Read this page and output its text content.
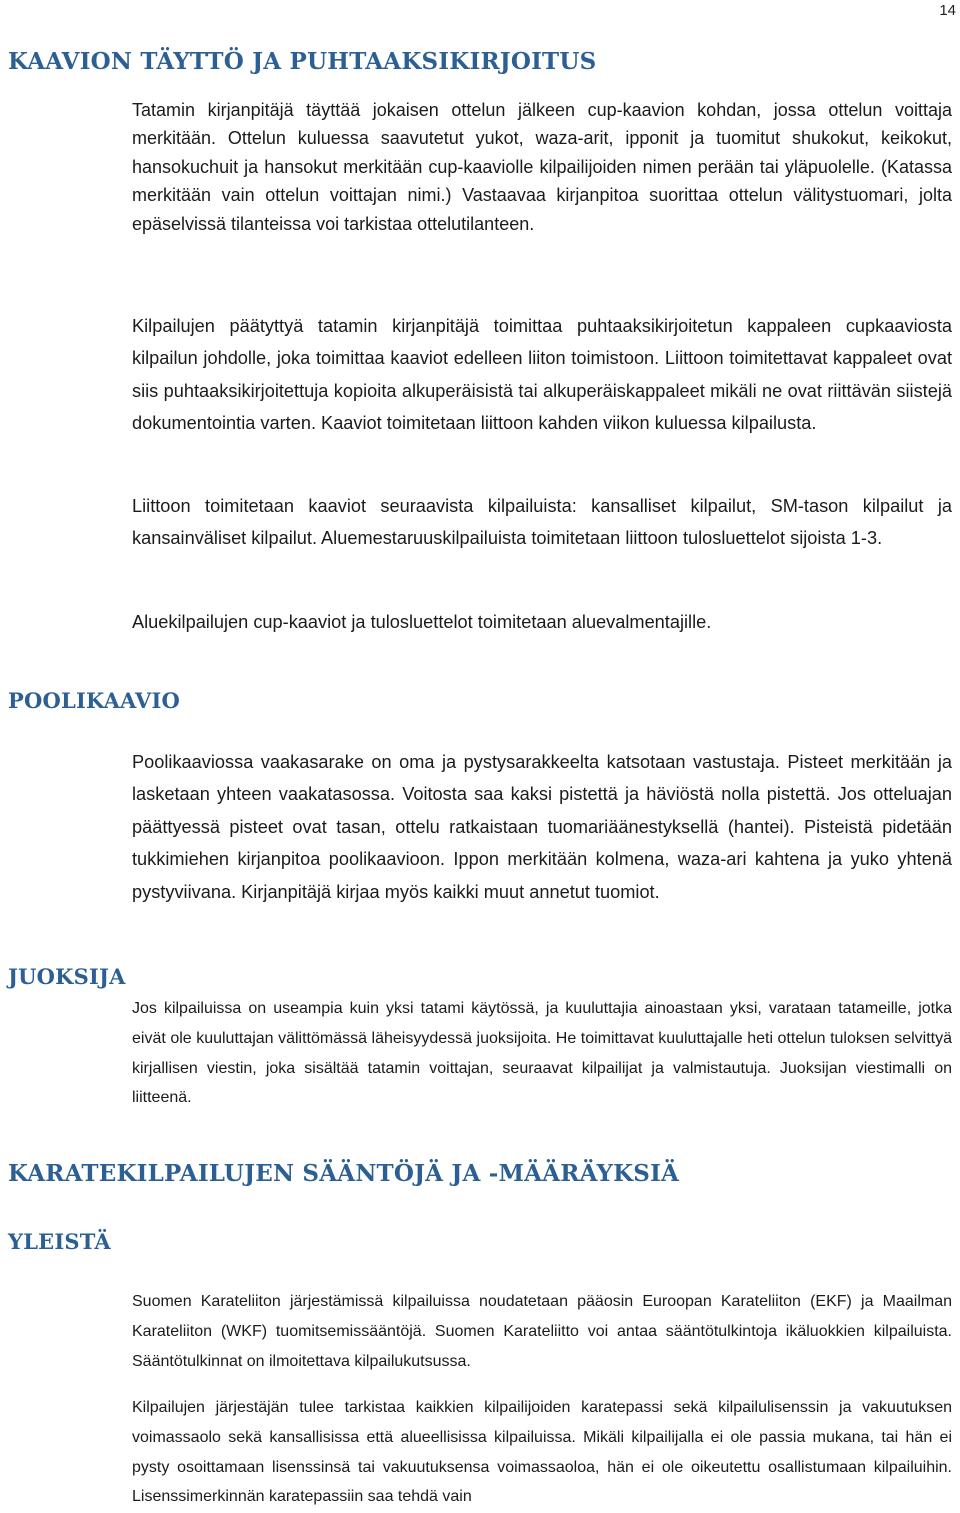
14
KAAVION TÄYTTÖ JA PUHTAAKSIKIRJOITUS

Tatamin kirjanpitäjä täyttää jokaisen ottelun jälkeen cup-kaavion kohdan, jossa ottelun voittaja merkitään. Ottelun kuluessa saavutetut yukot, waza-arit, ipponit ja tuomitut shukokut, keikokut, hansokuchuit ja hansokut merkitään cup-kaaviolle kilpailijoiden nimen perään tai yläpuolelle. (Katassa merkitään vain ottelun voittajan nimi.) Vastaavaa kirjanpitoa suorittaa ottelun välitystuomari, jolta epäselvissä tilanteissa voi tarkistaa ottelutilanteen.

Kilpailujen päätyttyä tatamin kirjanpitäjä toimittaa puhtaaksikirjoitetun kappaleen cupkaaviosta kilpailun johdolle, joka toimittaa kaaviot edelleen liiton toimistoon. Liittoon toimitettavat kappaleet ovat siis puhtaaksikirjoitettuja kopioita alkuperäisistä tai alkuperäiskappaleet mikäli ne ovat riittävän siistejä dokumentointia varten. Kaaviot toimitetaan liittoon kahden viikon kuluessa kilpailusta.

Liittoon toimitetaan kaaviot seuraavista kilpailuista: kansalliset kilpailut, SM-tason kilpailut ja kansainväliset kilpailut. Aluemestaruuskilpailuista toimitetaan liittoon tulosluettelot sijoista 1-3.

Aluekilpailujen cup-kaaviot ja tulosluettelot toimitetaan aluevalmentajille.

POOLIKAAVIO

Poolikaaviossa vaakasarake on oma ja pystysarakkeelta katsotaan vastustaja. Pisteet merkitään ja lasketaan yhteen vaakatasossa. Voitosta saa kaksi pistettä ja häviöstä nolla pistettä. Jos otteluajan päättyessä pisteet ovat tasan, ottelu ratkaistaan tuomariäänestyksellä (hantei). Pisteistä pidetään tukkimiehen kirjanpitoa poolikaavioon. Ippon merkitään kolmena, waza-ari kahtena ja yuko yhtenä pystyviivana. Kirjanpitäjä kirjaa myös kaikki muut annetut tuomiot.

JUOKSIJA

Jos kilpailuissa on useampia kuin yksi tatami käytössä, ja kuuluttajia ainoastaan yksi, varataan tatameille, jotka eivät ole kuuluttajan välittömässä läheisyydessä juoksijoita. He toimittavat kuuluttajalle heti ottelun tuloksen selvittyä kirjallisen viestin, joka sisältää tatamin voittajan, seuraavat kilpailijat ja valmistautuja. Juoksijan viestimalli on liitteenä.

KARATEKILPAILUJEN SÄÄNTÖJÄ JA -MÄÄRÄYKSIÄ
YLEISTÄ

Suomen Karateliiton järjestämissä kilpailuissa noudatetaan pääosin Euroopan Karateliiton (EKF) ja Maailman Karateliiton (WKF) tuomitsemissääntöjä. Suomen Karateliitto voi antaa sääntötulkintoja ikäluokkien kilpailuista. Sääntötulkinnat on ilmoitettava kilpailukutsussa.

Kilpailujen järjestäjän tulee tarkistaa kaikkien kilpailijoiden karatepassi sekä kilpailulisenssin ja vakuutuksen voimassaolo sekä kansallisissa että alueellisissa kilpailuissa. Mikäli kilpailijalla ei ole passia mukana, tai hän ei pysty osoittamaan lisenssinsä tai vakuutuksensa voimassaoloa, hän ei ole oikeutettu osallistumaan kilpailuihin. Lisenssimerkinnän karatepassiin saa tehdä vain
